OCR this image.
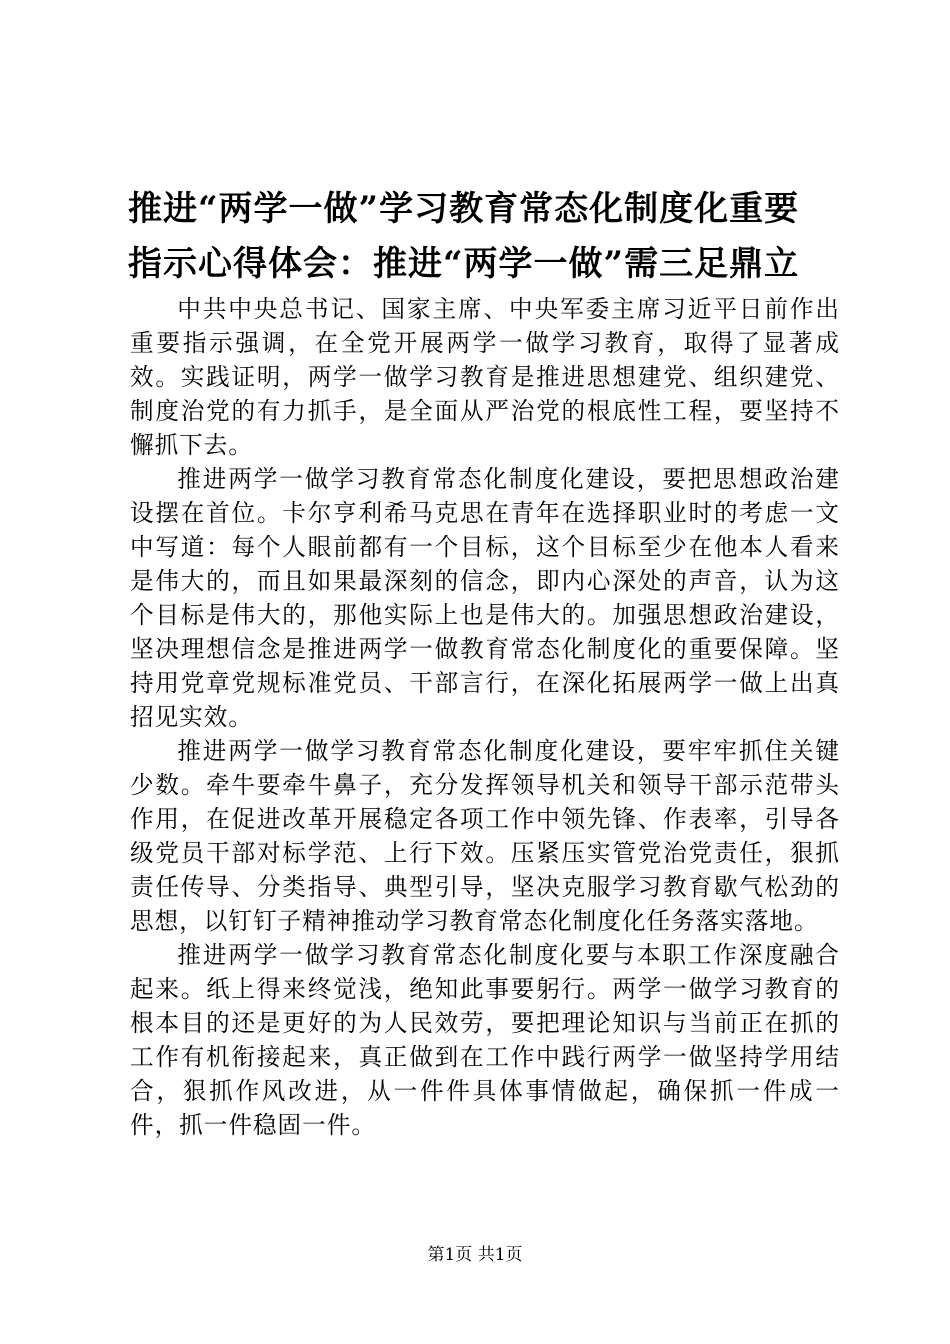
推进“两学一做”学习教育常态化制度化重要
指示心得体会：推进“两学一做”需三足鼎立

中共中央总书记、国家主席、中央军委主席习近平日前作出重要指示强调，在全党开展两学一做学习教育，取得了显著成效。实践证明，两学一做学习教育是推进思想建党、组织建党、制度治党的有力抓手，是全面从严治党的根底性工程，要坚持不懈抓下去。

推进两学一做学习教育常态化制度化建设，要把思想政治建设摆在首位。卡尔亨利希马克思在青年在选择职业时的考虑一文中写道：每个人眼前都有一个目标，这个目标至少在他本人看来是伟大的，而且如果最深刻的信念，即内心深处的声音，认为这个目标是伟大的，那他实际上也是伟大的。加强思想政治建设，坚决理想信念是推进两学一做教育常态化制度化的重要保障。坚持用党章党规标准党员、干部言行，在深化拓展两学一做上出真招见实效。

推进两学一做学习教育常态化制度化建设，要牢牢抓住关键少数。牵牛要牵牛鼻子，充分发挥领导机关和领导干部示范带头作用，在促进改革开展稳定各项工作中领先锋、作表率，引导各级党员干部对标学范、上行下效。压紧压实管党治党责任，狠抓责任传导、分类指导、典型引导，坚决克服学习教育歇气松劲的思想，以钉钉子精神推动学习教育常态化制度化任务落实落地。

推进两学一做学习教育常态化制度化要与本职工作深度融合起来。纸上得来终觉浅，绝知此事要躬行。两学一做学习教育的根本目的还是更好的为人民效劳，要把理论知识与当前正在抓的工作有机衔接起来，真正做到在工作中践行两学一做坚持学用结合，狠抓作风改进，从一件件具体事情做起，确保抓一件成一件，抓一件稳固一件。

第1页 共1页
